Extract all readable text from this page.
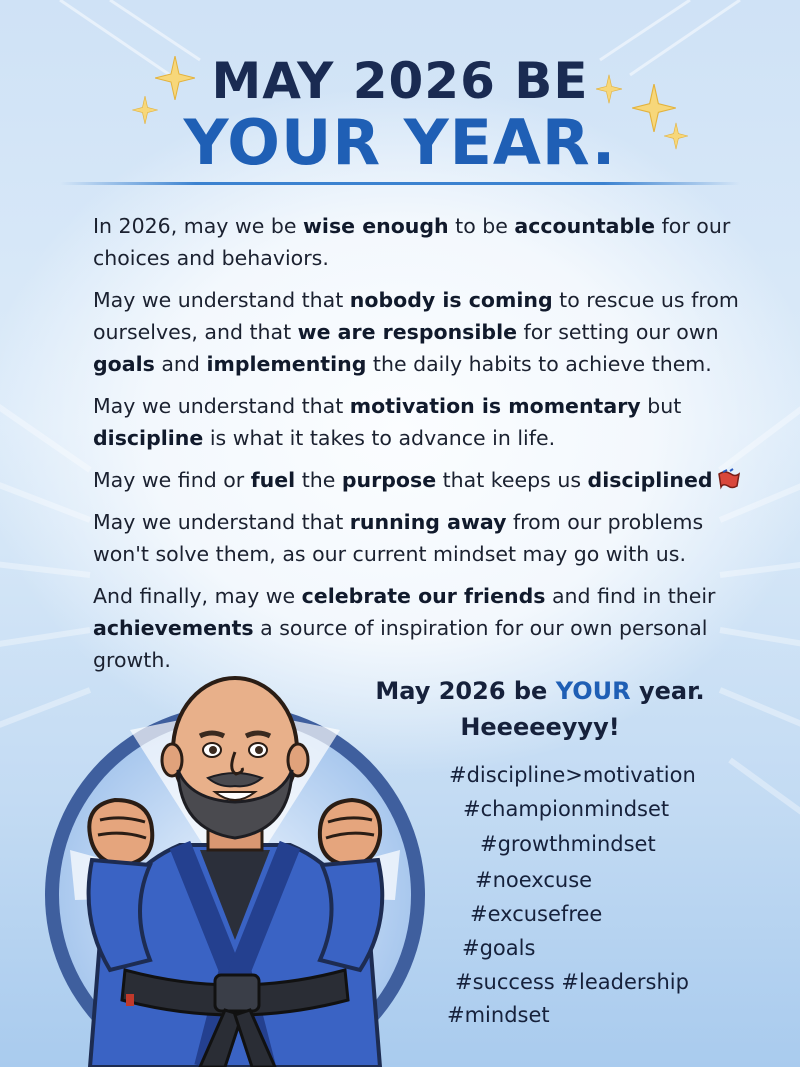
MAY 2026 BE
YOUR YEAR.

In 2026, may we be wise enough to be accountable for our choices and behaviors.

May we understand that nobody is coming to rescue us from ourselves, and that we are responsible for setting our own goals and implementing the daily habits to achieve them.

May we understand that motivation is momentary but discipline is what it takes to advance in life.

May we find or fuel the purpose that keeps us disciplined

May we understand that running away from our problems won't solve them, as our current mindset may go with us.

And finally, may we celebrate our friends and find in their achievements a source of inspiration for our own personal growth.

May 2026 be YOUR year.
Heeeeeyyy!
#discipline>motivation
#championmindset
#growthmindset
#noexcuse
#excusefree
#goals
#success #leadership
#mindset
